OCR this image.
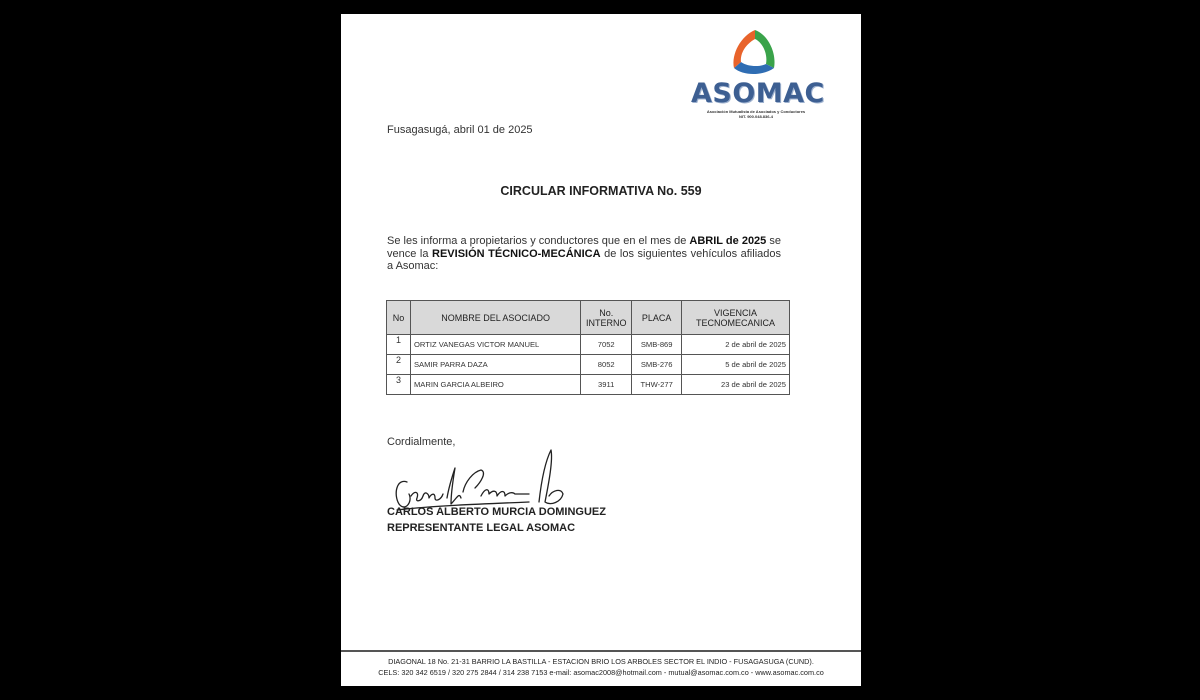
ASOMAC
Asociación Mutualista de Asociados y Conductores
NIT. 900.048.836-4
Fusagasugá, abril 01 de 2025
CIRCULAR INFORMATIVA No. 559
Se les informa a propietarios y conductores que en el mes de ABRIL de 2025 se vence la REVISIÓN TÉCNICO-MECÁNICA de los siguientes vehículos afiliados a Asomac:
No	NOMBRE DEL ASOCIADO	No. INTERNO	PLACA	VIGENCIA TECNOMECANICA
1	ORTIZ VANEGAS VICTOR MANUEL	7052	SMB-869	2 de abril de 2025
2	SAMIR PARRA DAZA	8052	SMB-276	5 de abril de 2025
3	MARIN GARCIA ALBEIRO	3911	THW-277	23 de abril de 2025
Cordialmente,
CARLOS ALBERTO MURCIA DOMINGUEZ
REPRESENTANTE LEGAL ASOMAC
DIAGONAL 18 No. 21-31 BARRIO LA BASTILLA - ESTACION BRIO LOS ARBOLES SECTOR EL INDIO - FUSAGASUGA (CUND).
CELS: 320 342 6519 / 320 275 2844 / 314 238 7153 e-mail: asomac2008@hotmail.com - mutual@asomac.com.co - www.asomac.com.co
